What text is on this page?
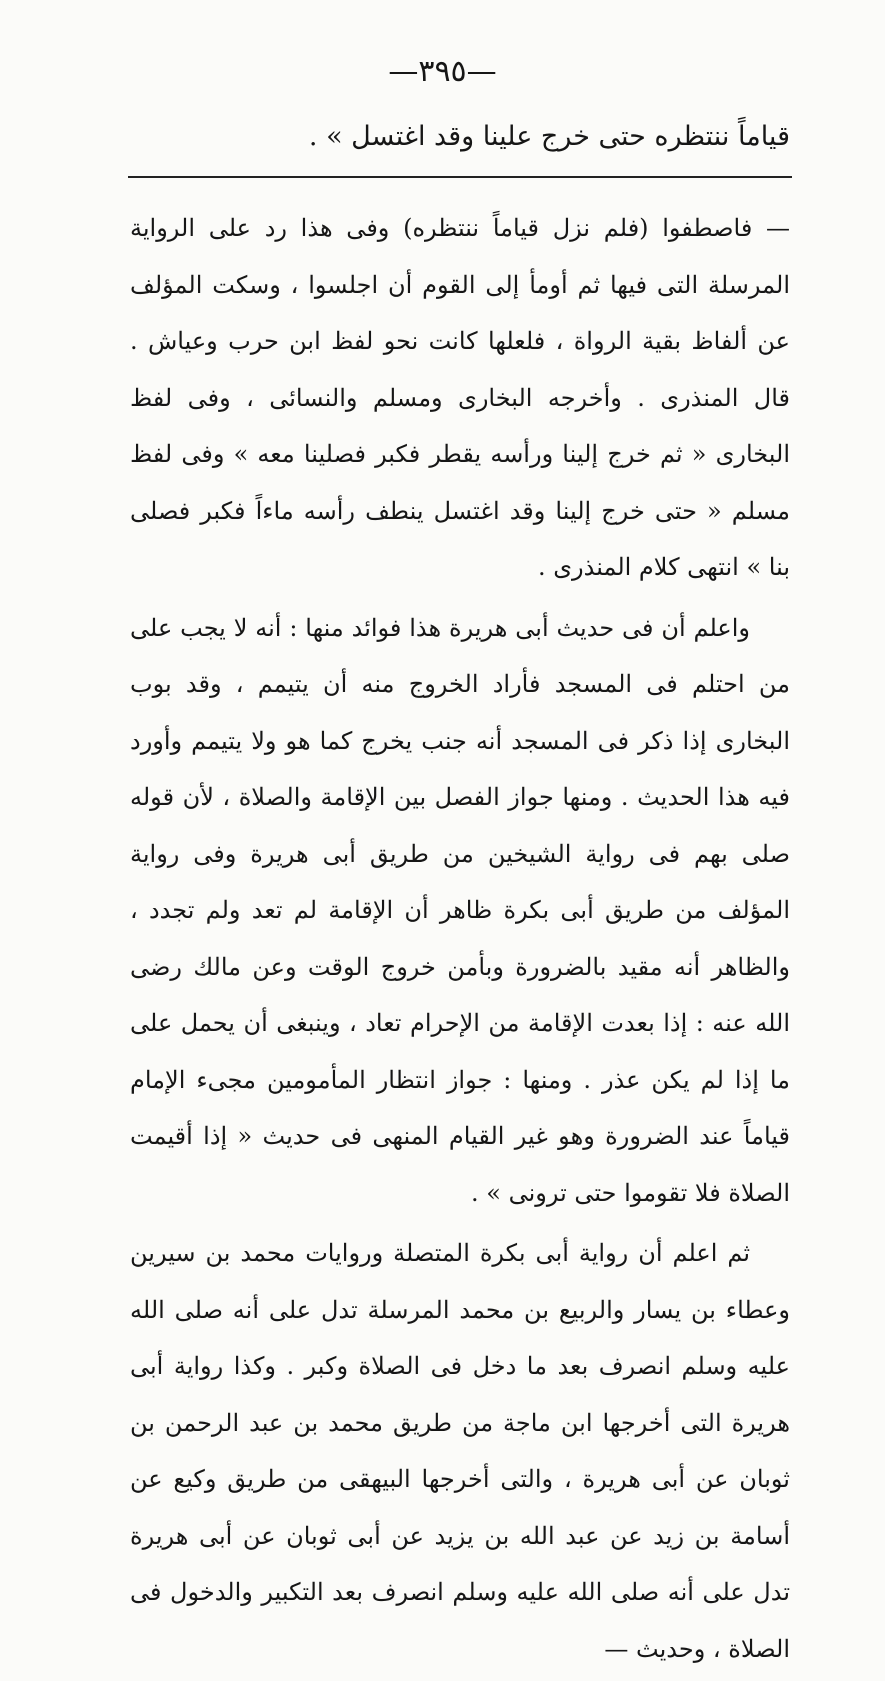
—٣٩٥—

قياماً ننتظره حتى خرج علينا وقد اغتسل » .

— فاصطفوا (فلم نزل قياماً ننتظره) وفى هذا رد على الرواية المرسلة التى فيها ثم أومأ إلى القوم أن اجلسوا ، وسكت المؤلف عن ألفاظ بقية الرواة ، فلعلها كانت نحو لفظ ابن حرب وعياش . قال المنذرى . وأخرجه البخارى ومسلم والنسائى ، وفى لفظ البخارى « ثم خرج إلينا ورأسه يقطر فكبر فصلينا معه » وفى لفظ مسلم « حتى خرج إلينا وقد اغتسل ينطف رأسه ماءاً فكبر فصلى بنا » انتهى كلام المنذرى .

واعلم أن فى حديث أبى هريرة هذا فوائد منها : أنه لا يجب على من احتلم فى المسجد فأراد الخروج منه أن يتيمم ، وقد بوب البخارى إذا ذكر فى المسجد أنه جنب يخرج كما هو ولا يتيمم وأورد فيه هذا الحديث . ومنها جواز الفصل بين الإقامة والصلاة ، لأن قوله صلى بهم فى رواية الشيخين من طريق أبى هريرة وفى رواية المؤلف من طريق أبى بكرة ظاهر أن الإقامة لم تعد ولم تجدد ، والظاهر أنه مقيد بالضرورة وبأمن خروج الوقت وعن مالك رضى الله عنه : إذا بعدت الإقامة من الإحرام تعاد ، وينبغى أن يحمل على ما إذا لم يكن عذر . ومنها : جواز انتظار المأمومين مجىء الإمام قياماً عند الضرورة وهو غير القيام المنهى فى حديث « إذا أقيمت الصلاة فلا تقوموا حتى ترونى » .

ثم اعلم أن رواية أبى بكرة المتصلة وروايات محمد بن سيرين وعطاء بن يسار والربيع بن محمد المرسلة تدل على أنه صلى الله عليه وسلم انصرف بعد ما دخل فى الصلاة وكبر . وكذا رواية أبى هريرة التى أخرجها ابن ماجة من طريق محمد بن عبد الرحمن بن ثوبان عن أبى هريرة ، والتى أخرجها البيهقى من طريق وكيع عن أسامة بن زيد عن عبد الله بن يزيد عن أبى ثوبان عن أبى هريرة تدل على أنه صلى الله عليه وسلم انصرف بعد التكبير والدخول فى الصلاة ، وحديث —
